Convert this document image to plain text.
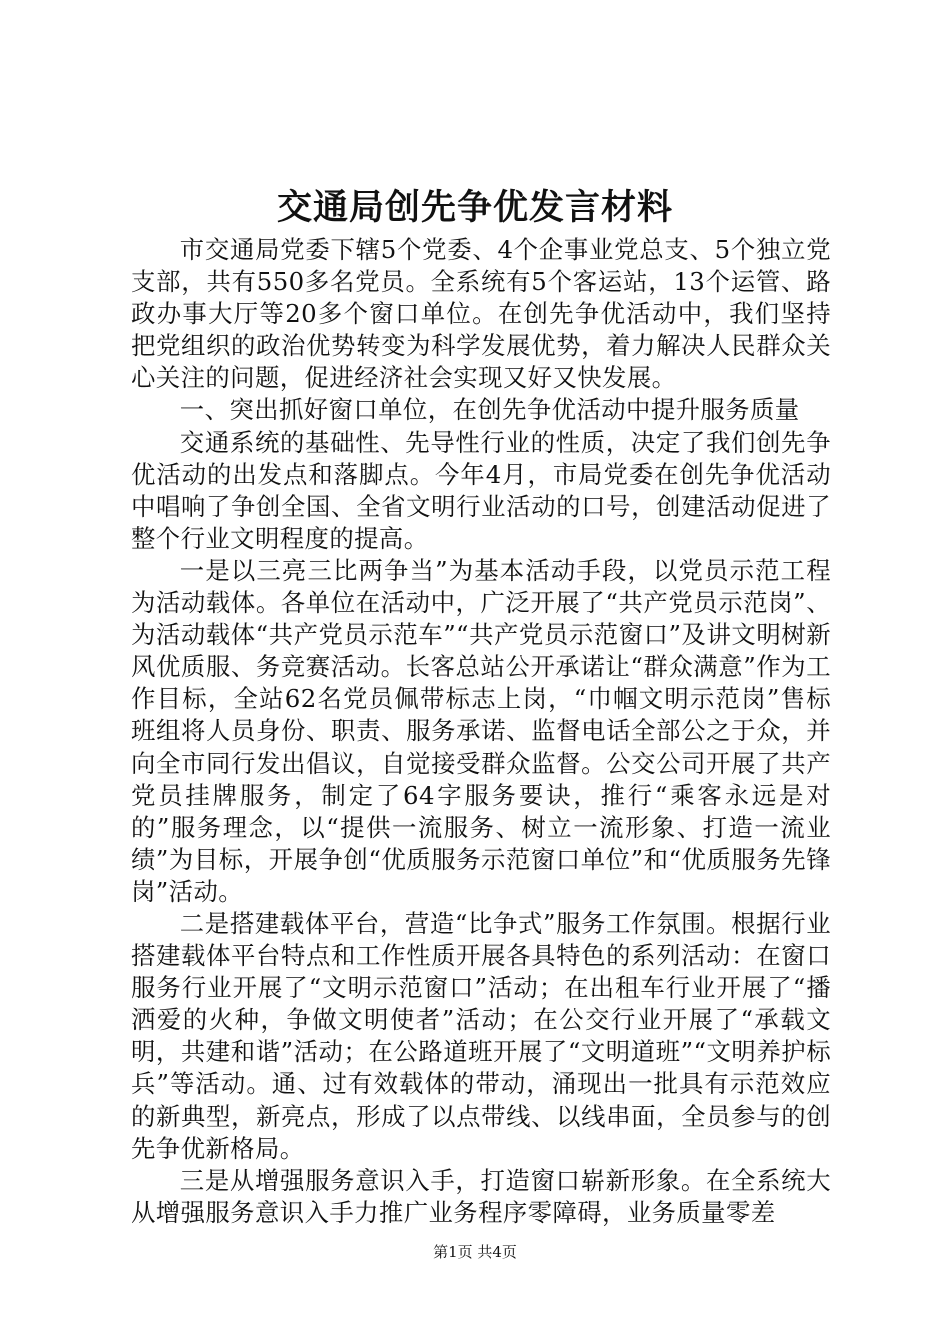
交通局创先争优发言材料

市交通局党委下辖5个党委、4个企事业党总支、5个独立党支部，共有550多名党员。全系统有5个客运站，13个运管、路政办事大厅等20多个窗口单位。在创先争优活动中，我们坚持把党组织的政治优势转变为科学发展优势，着力解决人民群众关心关注的问题，促进经济社会实现又好又快发展。

一、突出抓好窗口单位，在创先争优活动中提升服务质量

交通系统的基础性、先导性行业的性质，决定了我们创先争优活动的出发点和落脚点。今年4月，市局党委在创先争优活动中唱响了争创全国、全省文明行业活动的口号，创建活动促进了整个行业文明程度的提高。

一是以三亮三比两争当”为基本活动手段，以党员示范工程为活动载体。各单位在活动中，广泛开展了“共产党员示范岗”、为活动载体“共产党员示范车”“共产党员示范窗口”及讲文明树新风优质服、务竞赛活动。长客总站公开承诺让“群众满意”作为工作目标，全站62名党员佩带标志上岗，“巾帼文明示范岗”售标班组将人员身份、职责、服务承诺、监督电话全部公之于众，并向全市同行发出倡议，自觉接受群众监督。公交公司开展了共产党员挂牌服务，制定了64字服务要诀，推行“乘客永远是对的”服务理念，以“提供一流服务、树立一流形象、打造一流业绩”为目标，开展争创“优质服务示范窗口单位”和“优质服务先锋岗”活动。

二是搭建载体平台，营造“比争式”服务工作氛围。根据行业搭建载体平台特点和工作性质开展各具特色的系列活动：在窗口服务行业开展了“文明示范窗口”活动；在出租车行业开展了“播洒爱的火种，争做文明使者”活动；在公交行业开展了“承载文明，共建和谐”活动；在公路道班开展了“文明道班”“文明养护标兵”等活动。通、过有效载体的带动，涌现出一批具有示范效应的新典型，新亮点，形成了以点带线、以线串面，全员参与的创先争优新格局。

三是从增强服务意识入手，打造窗口崭新形象。在全系统大从增强服务意识入手力推广业务程序零障碍，业务质量零差

第1页 共4页
